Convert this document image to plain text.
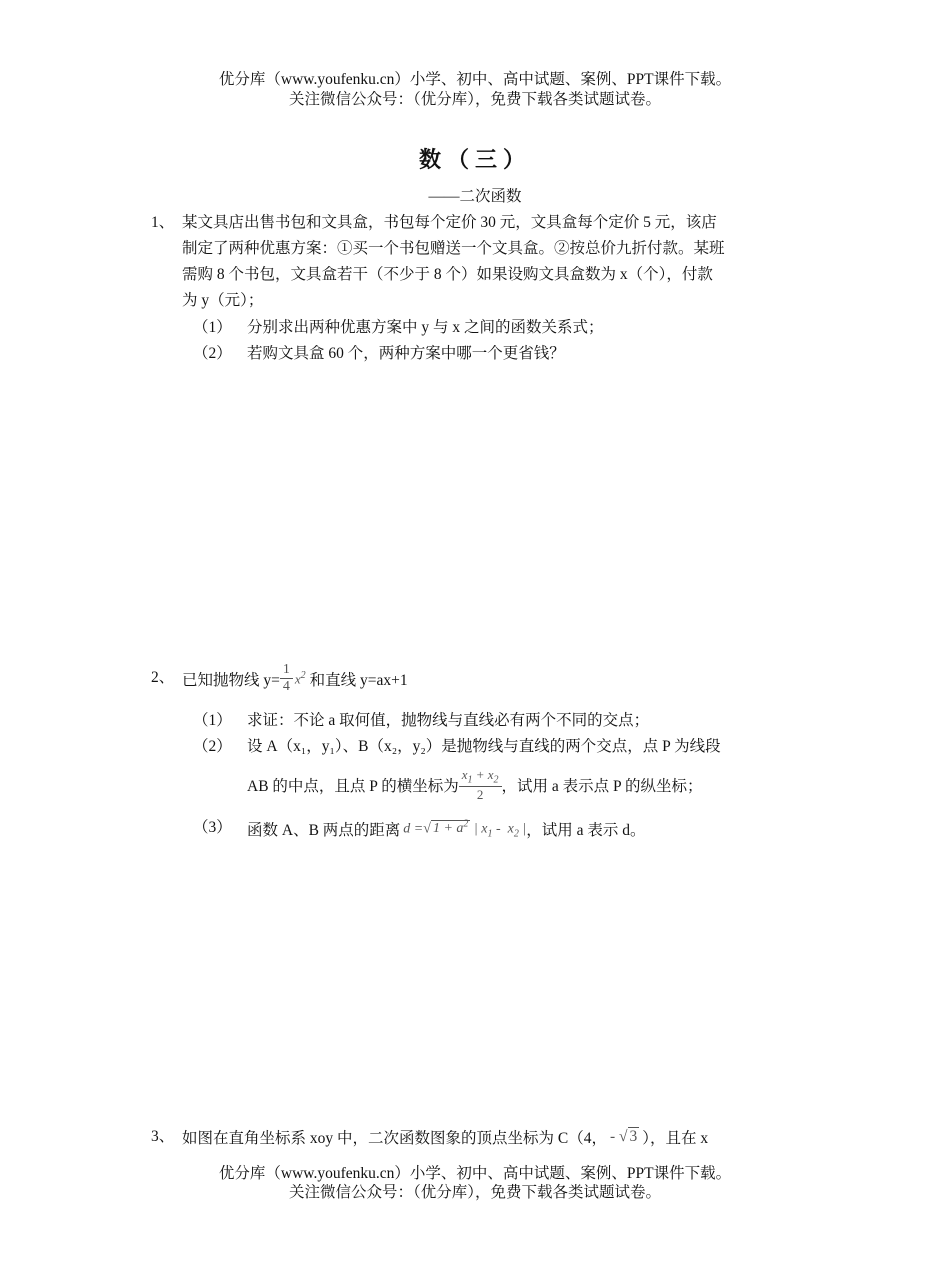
优分库（www.youfenku.cn）小学、初中、高中试题、案例、PPT课件下载。
关注微信公众号：（优分库），免费下载各类试题试卷。
数（三）
——二次函数
1、 某文具店出售书包和文具盒，书包每个定价 30 元，文具盒每个定价 5 元，该店
制定了两种优惠方案：①买一个书包赠送一个文具盒。②按总价九折付款。某班
需购 8 个书包，文具盒若干（不少于 8 个）如果设购文具盒数为 x（个），付款
为 y（元）；
（1） 分别求出两种优惠方案中 y 与 x 之间的函数关系式；
（2） 若购文具盒 60 个，两种方案中哪一个更省钱？
2、 已知抛物线 $y= \frac{1}{4} x^2$ 和直线 y=ax+1
（1） 求证：不论 a 取何值，抛物线与直线必有两个不同的交点；
（2） 设 A（x₁，y₁）、B（x₂，y₂）是抛物线与直线的两个交点，点 P 为线段
AB 的中点，且点 P 的横坐标为 $\frac{x_1 + x_2}{2}$ ，试用 a 表示点 P 的纵坐标；
（3） 函数 A、B 两点的距离 d =√ $1 + a^2$ | $x_1 - x_2$ | ，试用 a 表示 d。
3、 如图在直角坐标系 xoy 中，二次函数图象的顶点坐标为 C（4， - √ 3 ），且在 x
优分库（www.youfenku.cn）小学、初中、高中试题、案例、PPT课件下载。
关注微信公众号：（优分库），免费下载各类试题试卷。
